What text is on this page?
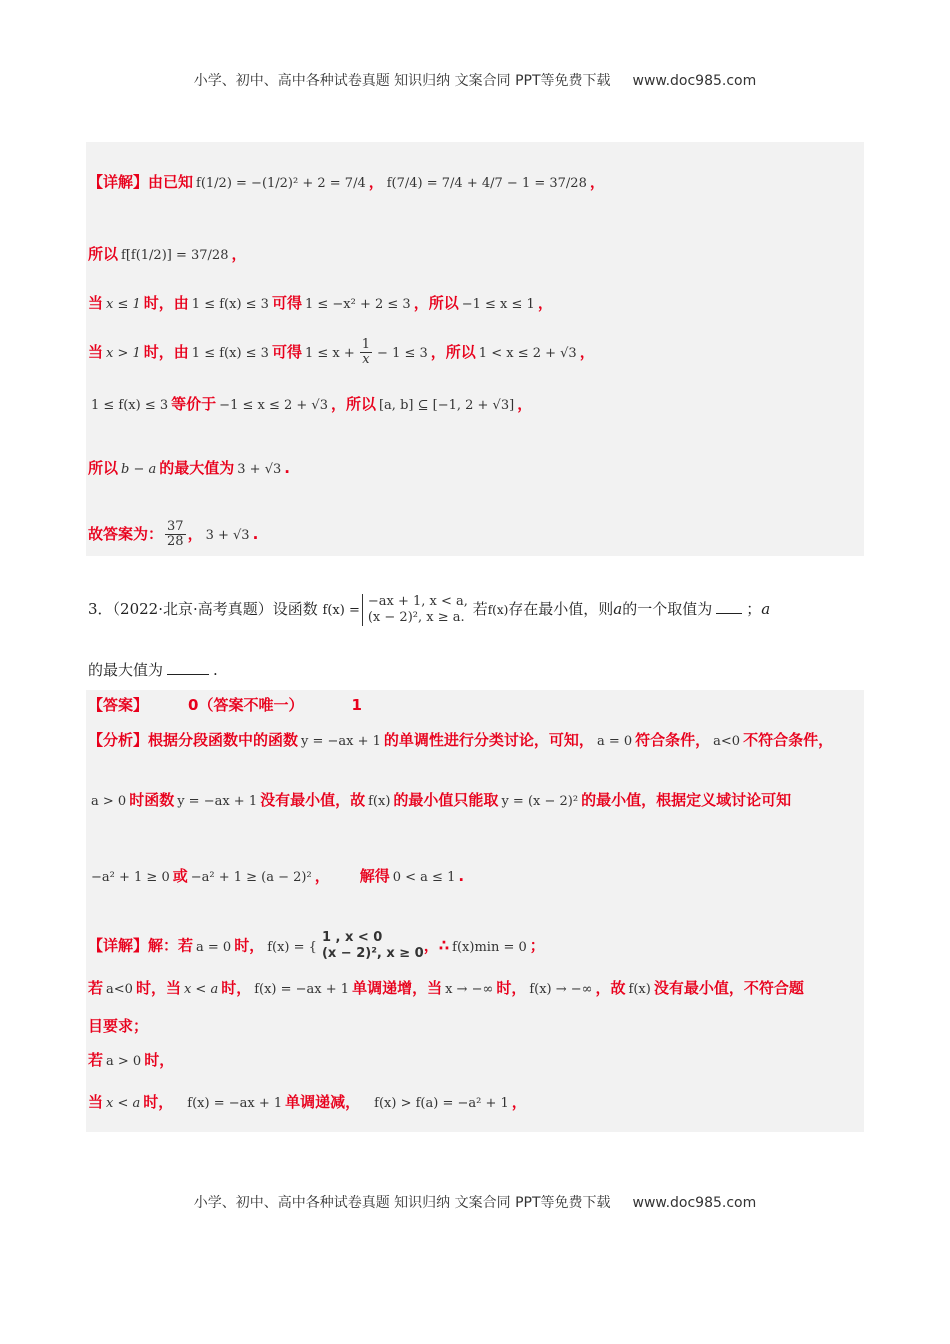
小学、初中、高中各种试卷真题 知识归纳 文案合同 PPT等免费下载 www.doc985.com
【详解】由已知 f(1/2) = −(1/2)² + 2 = 7/4 ， f(7/4) = 7/4 + 4/7 − 1 = 37/28 ，
所以 f[f(1/2)] = 37/28 ，
当 x ≤ 1 时，由 1 ≤ f(x) ≤ 3 可得 1 ≤ −x² + 2 ≤ 3 ，所以 −1 ≤ x ≤ 1 ，
当 x > 1 时，由 1 ≤ f(x) ≤ 3 可得 $1 \le x + \frac{1}{x} - 1 \le 3$ ，所以 1 < x ≤ 2 + √3 ，
1 ≤ f(x) ≤ 3 等价于 −1 ≤ x ≤ 2 + √3 ，所以 [a, b] ⊆ [−1, 2 + √3] ，
所以 b − a 的最大值为 3 + √3 .
故答案为： $\frac{37}{28}$ ， 3 + √3 .
3．（2022·北京·高考真题）设函数 f(x) =
−ax + 1, x < a,
(x − 2)², x ≥ a. 若f(x)存在最小值，则a的一个取值为 ；a
的最大值为	.
【答案】	0（答案不唯一）	1
【分析】根据分段函数中的函数 y = −ax + 1 的单调性进行分类讨论，可知， a = 0 符合条件， a<0 不符合条件，
a > 0 时函数 y = −ax + 1 没有最小值，故 f(x) 的最小值只能取 y = (x − 2)² 的最小值，根据定义域讨论可知
−a² + 1 ≥ 0 或 −a² + 1 ≥ (a − 2)² ， 解得 0 < a ≤ 1 .
【详解】解：若 a = 0 时， f(x) = {
1 , x < 0
(x − 2)², x ≥ 0 ，∴ f(x)min = 0 ；
若 a<0 时，当 x < a 时， f(x) = −ax + 1 单调递增，当 x → −∞ 时， f(x) → −∞ ，故 f(x) 没有最小值，不符合题
目要求；
若 a > 0 时，
当 x < a 时， f(x) = −ax + 1 单调递减， f(x) > f(a) = −a² + 1 ，
小学、初中、高中各种试卷真题 知识归纳 文案合同 PPT等免费下载 www.doc985.com
